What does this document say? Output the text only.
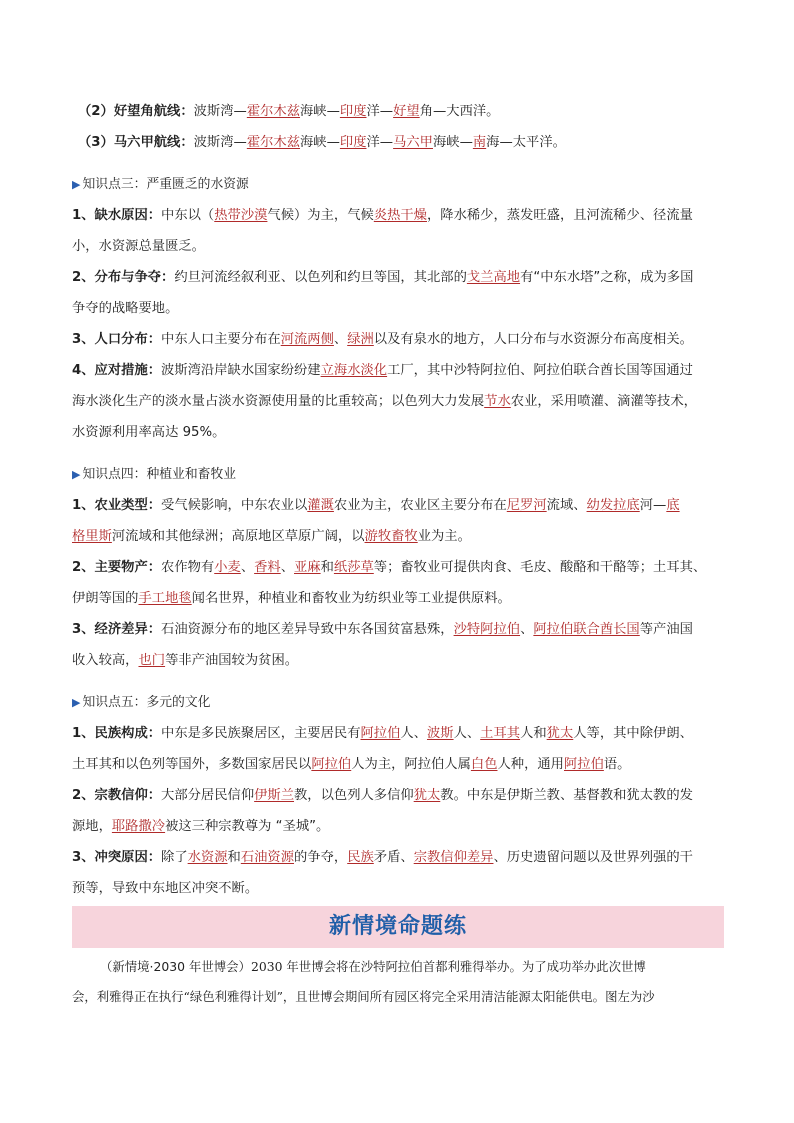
（2）好望角航线：波斯湾—霍尔木兹海峡—印度洋—好望角—大西洋。

（3）马六甲航线：波斯湾—霍尔木兹海峡—印度洋—马六甲海峡—南海—太平洋。

▶ 知识点三：严重匮乏的水资源

1、缺水原因：中东以（热带沙漠气候）为主，气候炎热干燥，降水稀少，蒸发旺盛，且河流稀少、径流量

小，水资源总量匮乏。

2、分布与争夺：约旦河流经叙利亚、以色列和约旦等国，其北部的戈兰高地有“中东水塔”之称，成为多国

争夺的战略要地。

3、人口分布：中东人口主要分布在河流两侧、绿洲以及有泉水的地方，人口分布与水资源分布高度相关。

4、应对措施：波斯湾沿岸缺水国家纷纷建立海水淡化工厂，其中沙特阿拉伯、阿拉伯联合酋长国等国通过

海水淡化生产的淡水量占淡水资源使用量的比重较高；以色列大力发展节水农业，采用喷灌、滴灌等技术，

水资源利用率高达 95%。

▶ 知识点四：种植业和畜牧业

1、农业类型：受气候影响，中东农业以灌溉农业为主，农业区主要分布在尼罗河流域、幼发拉底河—底

格里斯河流域和其他绿洲；高原地区草原广阔，以游牧畜牧业为主。

2、主要物产：农作物有小麦、香料、亚麻和纸莎草等；畜牧业可提供肉食、毛皮、酸酪和干酪等；土耳其、

伊朗等国的手工地毯闻名世界，种植业和畜牧业为纺织业等工业提供原料。

3、经济差异：石油资源分布的地区差异导致中东各国贫富悬殊，沙特阿拉伯、阿拉伯联合酋长国等产油国

收入较高，也门等非产油国较为贫困。

▶ 知识点五：多元的文化

1、民族构成：中东是多民族聚居区，主要居民有阿拉伯人、波斯人、土耳其人和犹太人等，其中除伊朗、

土耳其和以色列等国外，多数国家居民以阿拉伯人为主，阿拉伯人属白色人种，通用阿拉伯语。

2、宗教信仰：大部分居民信仰伊斯兰教，以色列人多信仰犹太教。中东是伊斯兰教、基督教和犹太教的发

源地，耶路撒冷被这三种宗教尊为 “圣城”。

3、冲突原因：除了水资源和石油资源的争夺，民族矛盾、宗教信仰差异、历史遗留问题以及世界列强的干

预等，导致中东地区冲突不断。

新情境命题练

（新情境·2030 年世博会）2030 年世博会将在沙特阿拉伯首都利雅得举办。为了成功举办此次世博

会，利雅得正在执行“绿色利雅得计划”，且世博会期间所有园区将完全采用清洁能源太阳能供电。图左为沙
